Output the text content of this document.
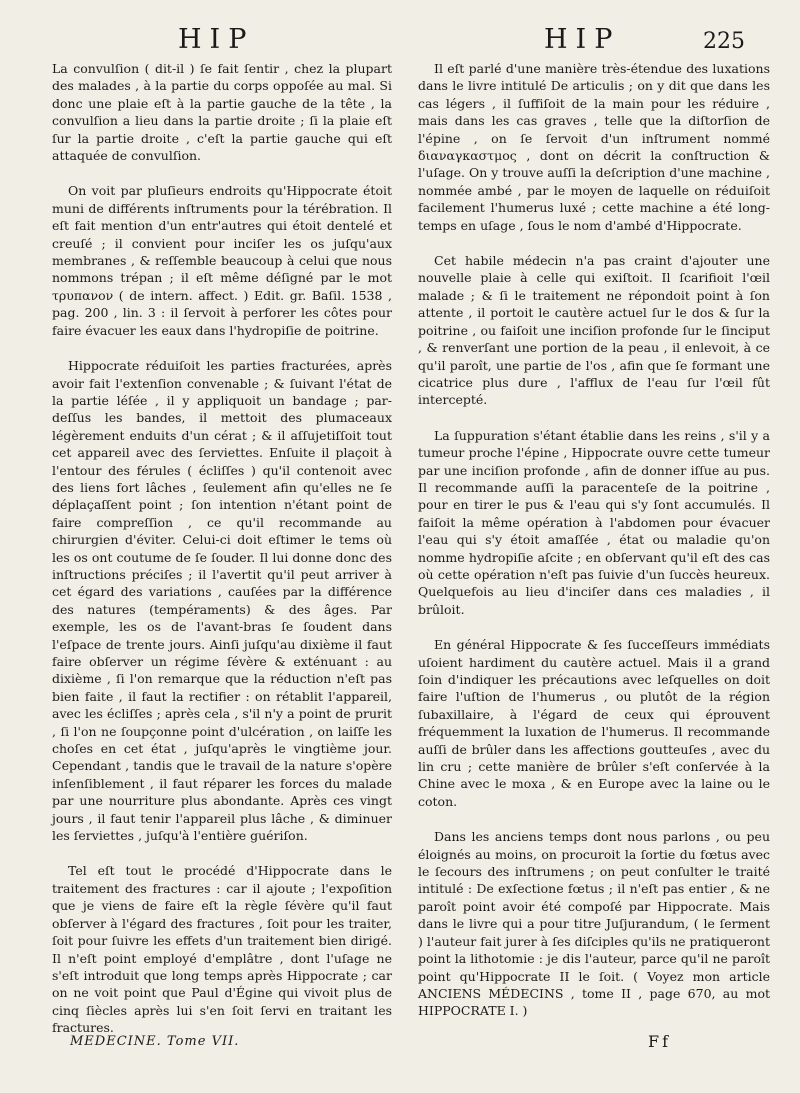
HIP	HIP	225

La convulſion ( dit-il ) ſe fait ſentir , chez la plupart des malades , à la partie du corps oppoſée au mal. Si donc une plaie eſt à la partie gauche de la tête , la convulſion a lieu dans la partie droite ; ſi la plaie eſt ſur la partie droite , c'eſt la partie gauche qui eſt attaquée de convulſion.

On voit par pluſieurs endroits qu'Hippocrate étoit muni de différents inſtruments pour la térébration. Il eſt fait mention d'un entr'autres qui étoit dentelé et creuſé ; il convient pour inciſer les os juſqu'aux membranes , & reſſemble beaucoup à celui que nous nommons trépan ; il eſt même déſigné par le mot τρυπανον ( de intern. affect. ) Edit. gr. Baſil. 1538 , pag. 200 , lin. 3 : il ſervoit à perforer les côtes pour faire évacuer les eaux dans l'hydropiſie de poitrine.

Hippocrate réduiſoit les parties fracturées, après avoir fait l'extenſion convenable ; & ſuivant l'état de la partie léſée , il y appliquoit un bandage ; par-deſſus les bandes, il mettoit des plumaceaux légèrement enduits d'un cérat ; & il aſſujetiſſoit tout cet appareil avec des ſerviettes. Enſuite il plaçoit à l'entour des férules ( écliſſes ) qu'il contenoit avec des liens fort lâches , ſeulement afin qu'elles ne ſe déplaçaſſent point ; ſon intention n'étant point de faire compreſſion , ce qu'il recommande au chirurgien d'éviter. Celui-ci doit eſtimer le tems où les os ont coutume de ſe ſouder. Il lui donne donc des inſtructions préciſes ; il l'avertit qu'il peut arriver à cet égard des variations , cauſées par la différence des natures (tempéraments) & des âges. Par exemple, les os de l'avant-bras ſe ſoudent dans l'eſpace de trente jours. Ainſi juſqu'au dixième il faut faire obſerver un régime ſévère & exténuant : au dixième , ſi l'on remarque que la réduction n'eſt pas bien faite , il faut la rectifier : on rétablit l'appareil, avec les écliſſes ; après cela , s'il n'y a point de prurit , ſi l'on ne ſoupçonne point d'ulcération , on laiſſe les choſes en cet état , juſqu'après le vingtième jour. Cependant , tandis que le travail de la nature s'opère inſenſiblement , il faut réparer les forces du malade par une nourriture plus abondante. Après ces vingt jours , il faut tenir l'appareil plus lâche , & diminuer les ſerviettes , juſqu'à l'entière guériſon.

Tel eſt tout le procédé d'Hippocrate dans le traitement des fractures : car il ajoute ; l'expoſition que je viens de faire eſt la règle ſévère qu'il faut obſerver à l'égard des fractures , ſoit pour les traiter, ſoit pour ſuivre les effets d'un traitement bien dirigé. Il n'eſt point employé d'emplâtre , dont l'uſage ne s'eſt introduit que long temps après Hippocrate ; car on ne voit point que Paul d'Égine qui vivoit plus de cinq ſiècles après lui s'en ſoit ſervi en traitant les fractures.

Il eſt parlé d'une manière très-étendue des luxations dans le livre intitulé De articulis ; on y dit que dans les cas légers , il ſuffiſoit de la main pour les réduire , mais dans les cas graves , telle que la diſtorſion de l'épine , on ſe ſervoit d'un inſtrument nommé διαναγκαστμος , dont on décrit la conſtruction & l'uſage. On y trouve auſſi la deſcription d'une machine , nommée ambé , par le moyen de laquelle on réduiſoit facilement l'humerus luxé ; cette machine a été long-temps en uſage , ſous le nom d'ambé d'Hippocrate.

Cet habile médecin n'a pas craint d'ajouter une nouvelle plaie à celle qui exiſtoit. Il ſcarifioit l'œil malade ; & ſi le traitement ne répondoit point à ſon attente , il portoit le cautère actuel ſur le dos & ſur la poitrine , ou faiſoit une inciſion profonde ſur le ſinciput , & renverſant une portion de la peau , il enlevoit, à ce qu'il paroît, une partie de l'os , afin que ſe formant une cicatrice plus dure , l'afflux de l'eau ſur l'œil fût intercepté.

La ſuppuration s'étant établie dans les reins , s'il y a tumeur proche l'épine , Hippocrate ouvre cette tumeur par une inciſion profonde , afin de donner iſſue au pus. Il recommande auſſi la paracenteſe de la poitrine , pour en tirer le pus & l'eau qui s'y ſont accumulés. Il faiſoit la même opération à l'abdomen pour évacuer l'eau qui s'y étoit amaſſée , état ou maladie qu'on nomme hydropiſie aſcite ; en obſervant qu'il eſt des cas où cette opération n'eſt pas ſuivie d'un ſuccès heureux. Quelquefois au lieu d'inciſer dans ces maladies , il brûloit.

En général Hippocrate & ſes ſucceſſeurs immédiats uſoient hardiment du cautère actuel. Mais il a grand ſoin d'indiquer les précautions avec leſquelles on doit faire l'uſtion de l'humerus , ou plutôt de la région ſubaxillaire, à l'égard de ceux qui éprouvent fréquemment la luxation de l'humerus. Il recommande auſſi de brûler dans les affections goutteuſes , avec du lin cru ; cette manière de brûler s'eſt conſervée à la Chine avec le moxa , & en Europe avec la laine ou le coton.

Dans les anciens temps dont nous parlons , ou peu éloignés au moins, on procuroit la ſortie du fœtus avec le ſecours des inſtrumens ; on peut conſulter le traité intitulé : De exſectione fœtus ; il n'eſt pas entier , & ne paroît point avoir été compoſé par Hippocrate. Mais dans le livre qui a pour titre Juſjurandum, ( le ſerment ) l'auteur fait jurer à ſes diſciples qu'ils ne pratiqueront point la lithotomie : je dis l'auteur, parce qu'il ne paroît point qu'Hippocrate II le ſoit. ( Voyez mon article ANCIENS MÉDECINS , tome II , page 670, au mot HIPPOCRATE I. )

MEDECINE. Tome VII.	Ff
